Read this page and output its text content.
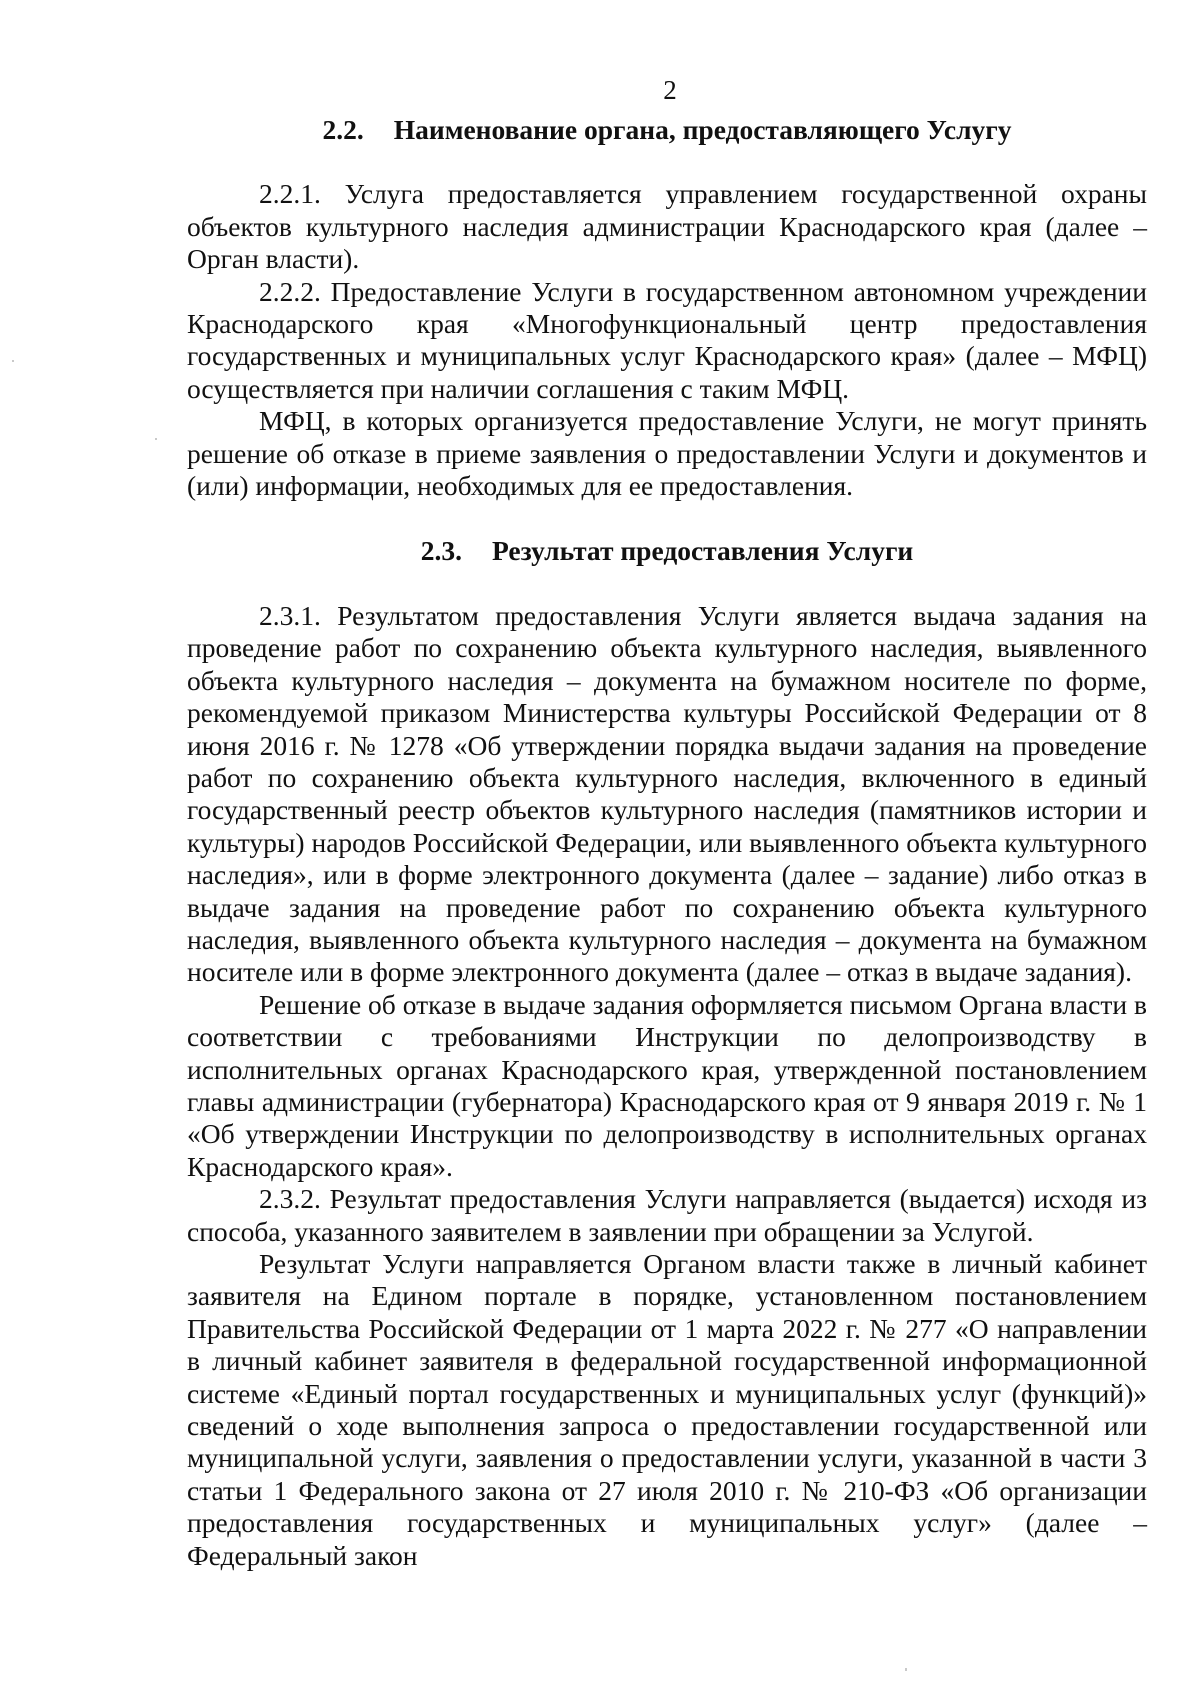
2

2.2. Наименование органа, предоставляющего Услугу

2.2.1. Услуга предоставляется управлением государственной охраны объектов культурного наследия администрации Краснодарского края (далее – Орган власти).

2.2.2. Предоставление Услуги в государственном автономном учреждении Краснодарского края «Многофункциональный центр предоставления государственных и муниципальных услуг Краснодарского края» (далее – МФЦ) осуществляется при наличии соглашения с таким МФЦ.

МФЦ, в которых организуется предоставление Услуги, не могут принять решение об отказе в приеме заявления о предоставлении Услуги и документов и (или) информации, необходимых для ее предоставления.

2.3. Результат предоставления Услуги

2.3.1. Результатом предоставления Услуги является выдача задания на проведение работ по сохранению объекта культурного наследия, выявленного объекта культурного наследия – документа на бумажном носителе по форме, рекомендуемой приказом Министерства культуры Российской Федерации от 8 июня 2016 г. № 1278 «Об утверждении порядка выдачи задания на проведение работ по сохранению объекта культурного наследия, включенного в единый государственный реестр объектов культурного наследия (памятников истории и культуры) народов Российской Федерации, или выявленного объекта культурного наследия», или в форме электронного документа (далее – задание) либо отказ в выдаче задания на проведение работ по сохранению объекта культурного наследия, выявленного объекта культурного наследия – документа на бумажном носителе или в форме электронного документа (далее – отказ в выдаче задания).

Решение об отказе в выдаче задания оформляется письмом Органа власти в соответствии с требованиями Инструкции по делопроизводству в исполнительных органах Краснодарского края, утвержденной постановлением главы администрации (губернатора) Краснодарского края от 9 января 2019 г. № 1 «Об утверждении Инструкции по делопроизводству в исполнительных органах Краснодарского края».

2.3.2. Результат предоставления Услуги направляется (выдается) исходя из способа, указанного заявителем в заявлении при обращении за Услугой.

Результат Услуги направляется Органом власти также в личный кабинет заявителя на Едином портале в порядке, установленном постановлением Правительства Российской Федерации от 1 марта 2022 г. № 277 «О направлении в личный кабинет заявителя в федеральной государственной информационной системе «Единый портал государственных и муниципальных услуг (функций)» сведений о ходе выполнения запроса о предоставлении государственной или муниципальной услуги, заявления о предоставлении услуги, указанной в части 3 статьи 1 Федерального закона от 27 июля 2010 г. № 210-ФЗ «Об организации предоставления государственных и муниципальных услуг» (далее – Федеральный закон
